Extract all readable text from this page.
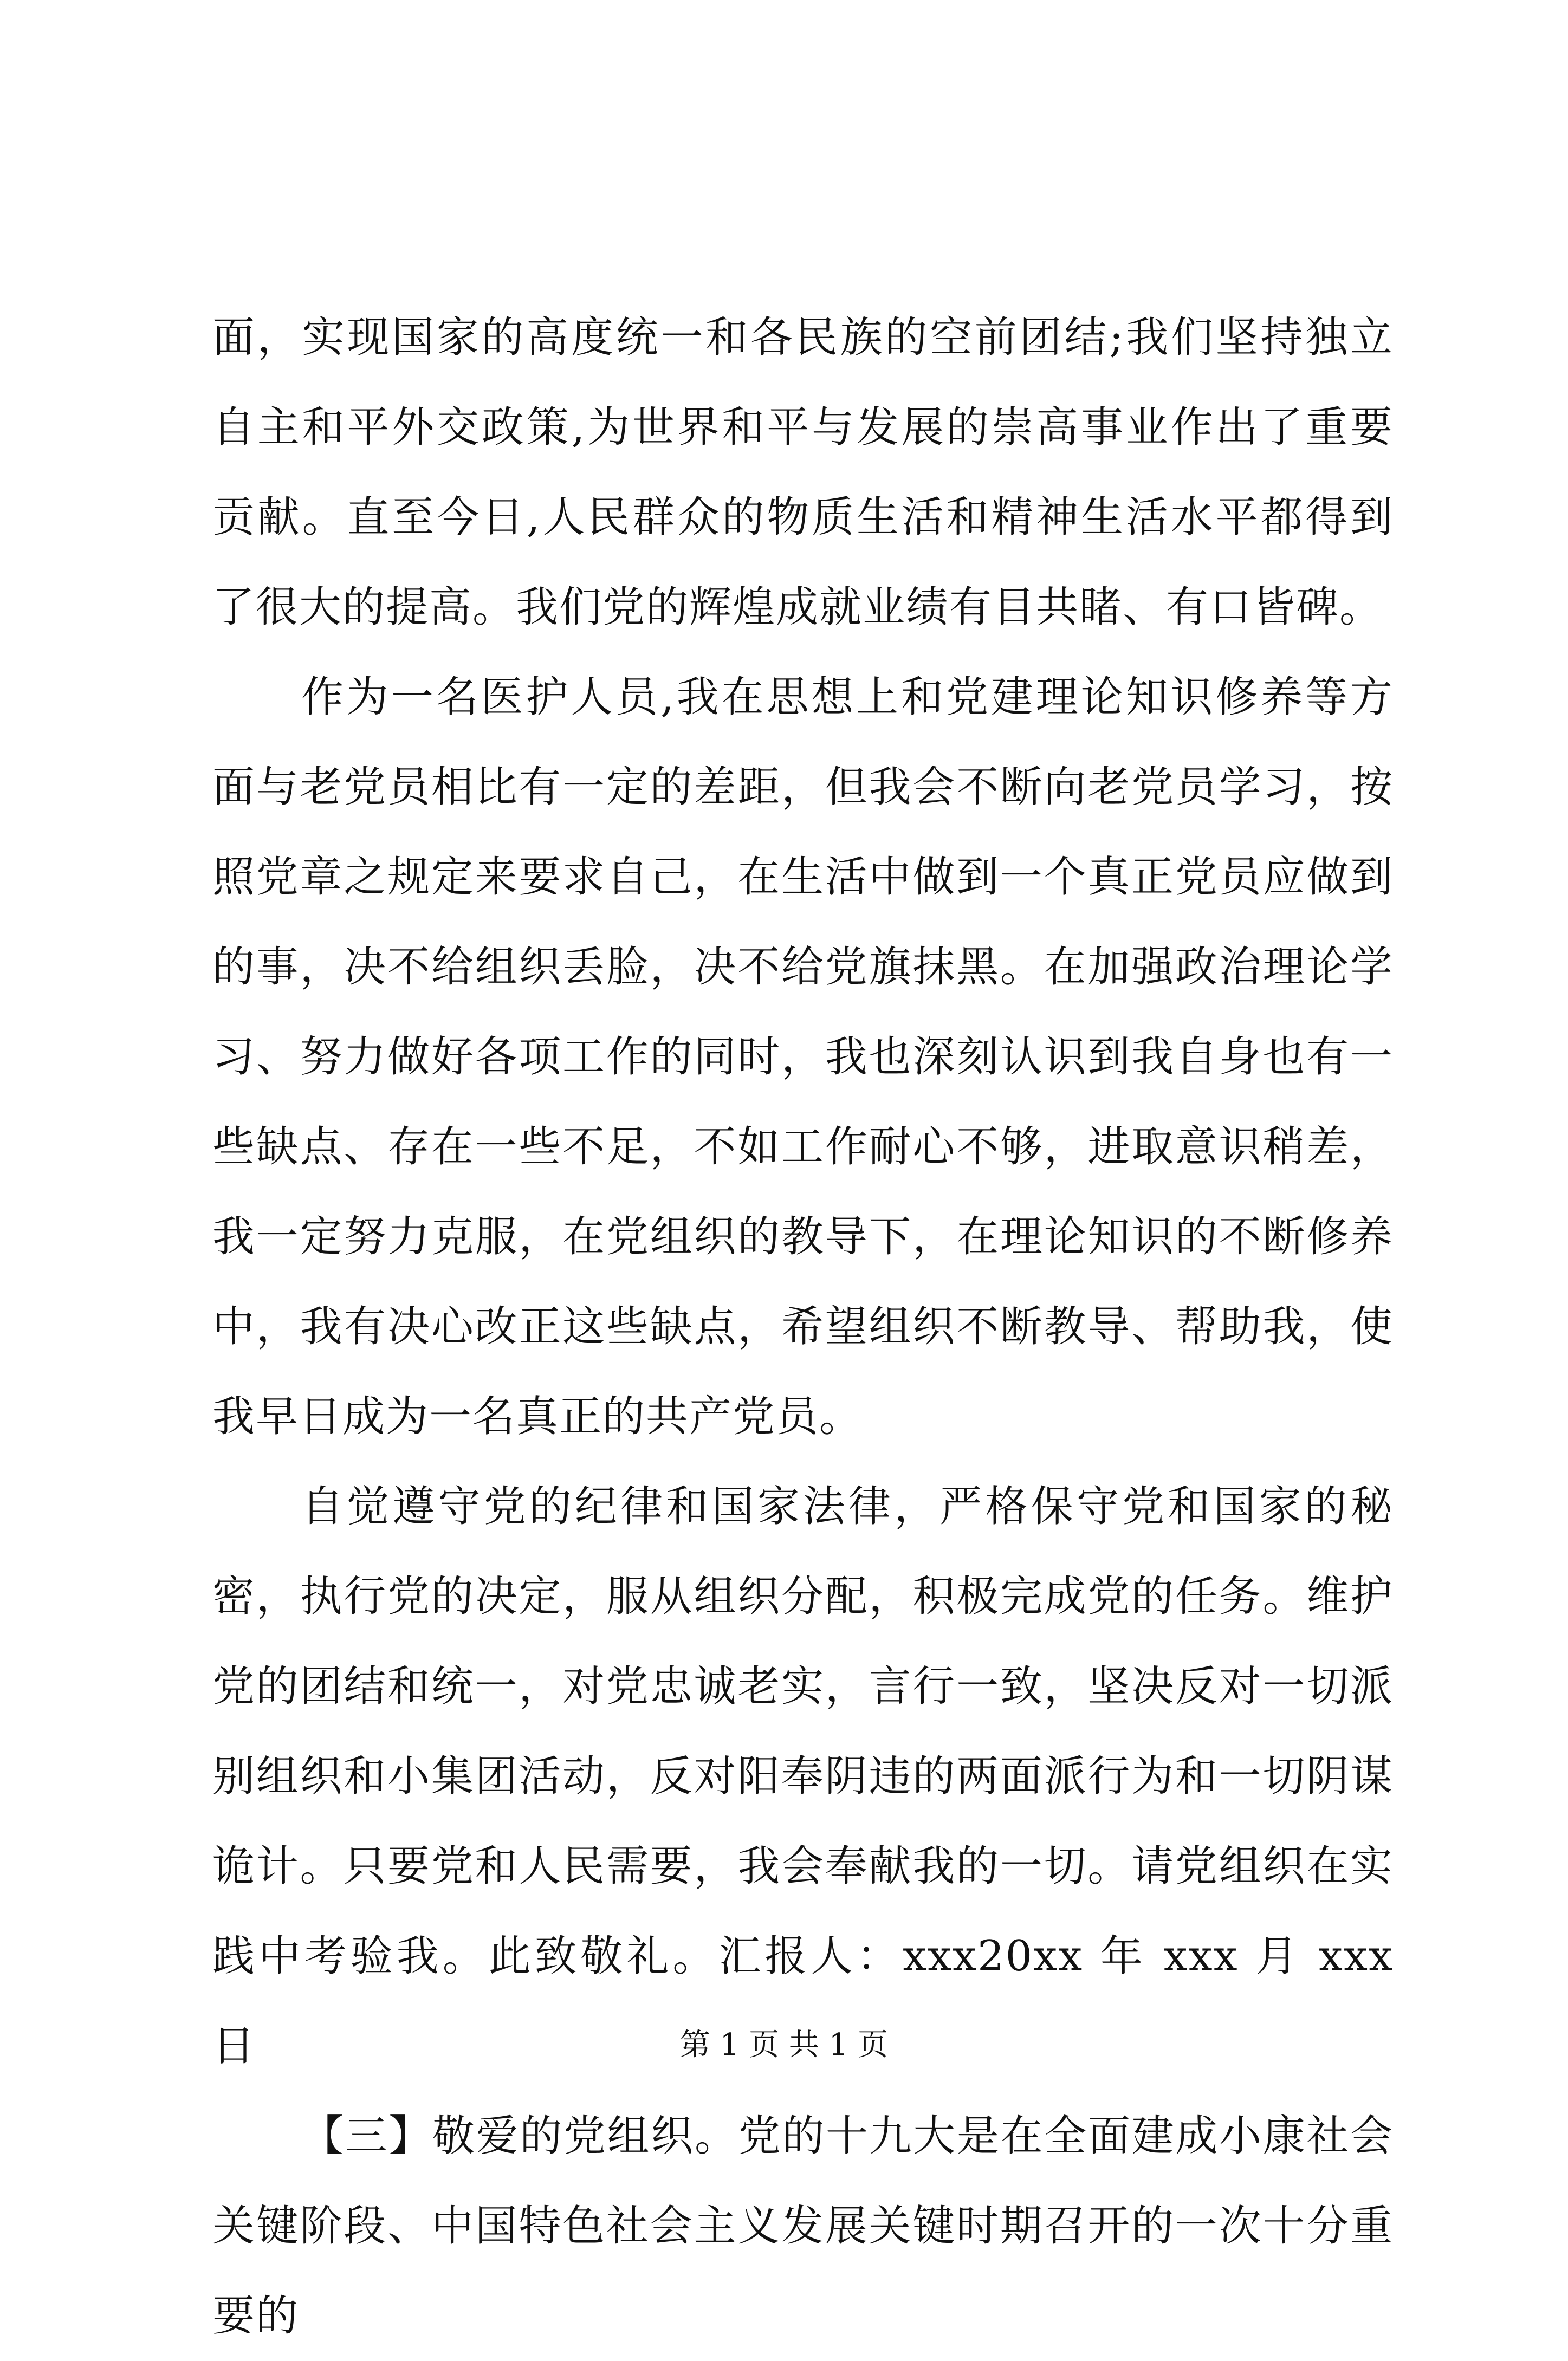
面，实现国家的高度统一和各民族的空前团结;我们坚持独立自主和平外交政策,为世界和平与发展的崇高事业作出了重要贡献。直至今日,人民群众的物质生活和精神生活水平都得到了很大的提高。我们党的辉煌成就业绩有目共睹、有口皆碑。

作为一名医护人员,我在思想上和党建理论知识修养等方面与老党员相比有一定的差距，但我会不断向老党员学习，按照党章之规定来要求自己，在生活中做到一个真正党员应做到的事，决不给组织丢脸，决不给党旗抹黑。在加强政治理论学习、努力做好各项工作的同时，我也深刻认识到我自身也有一些缺点、存在一些不足，不如工作耐心不够，进取意识稍差，我一定努力克服，在党组织的教导下，在理论知识的不断修养中，我有决心改正这些缺点，希望组织不断教导、帮助我，使我早日成为一名真正的共产党员。

自觉遵守党的纪律和国家法律，严格保守党和国家的秘密，执行党的决定，服从组织分配，积极完成党的任务。维护党的团结和统一，对党忠诚老实，言行一致，坚决反对一切派别组织和小集团活动，反对阳奉阴违的两面派行为和一切阴谋诡计。只要党和人民需要，我会奉献我的一切。请党组织在实践中考验我。此致敬礼。汇报人：xxx20xx 年 xxx 月 xxx 日

【三】敬爱的党组织。党的十九大是在全面建成小康社会关键阶段、中国特色社会主义发展关键时期召开的一次十分重要的

第 1 页 共 1 页
